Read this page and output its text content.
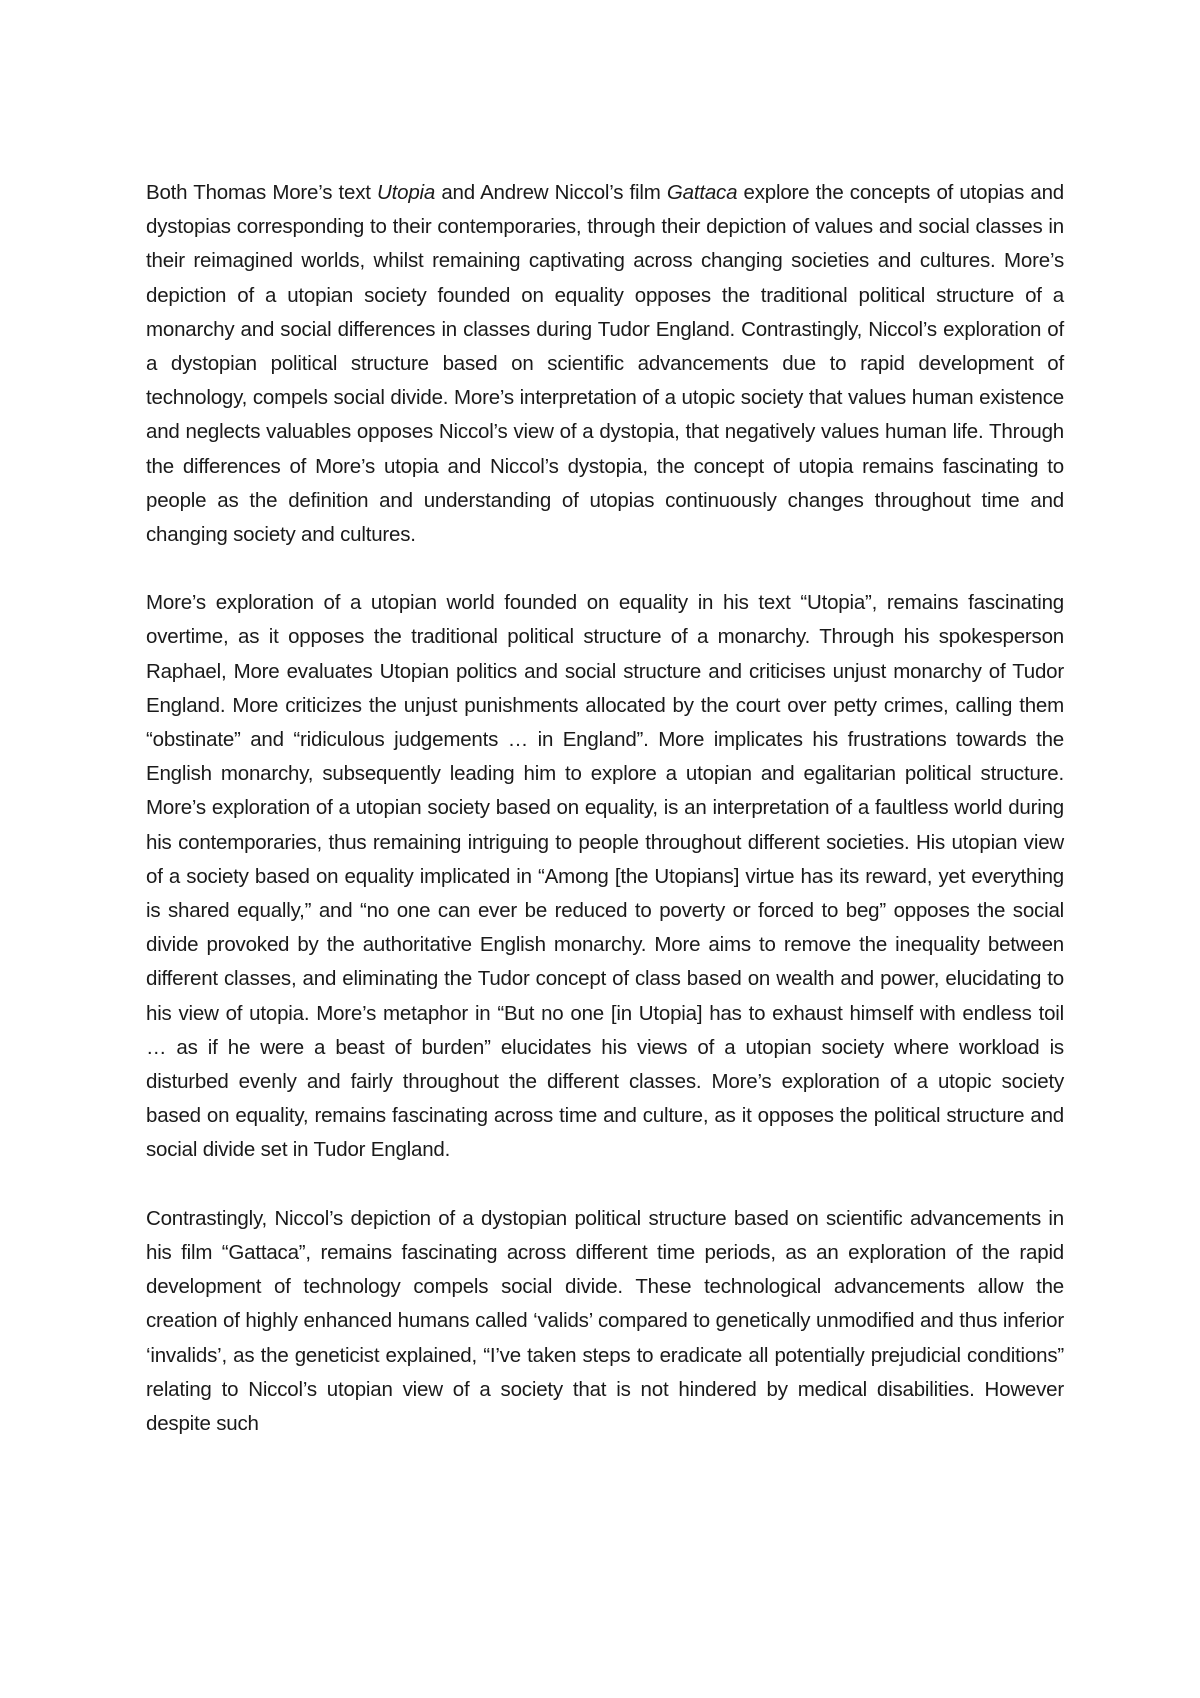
Both Thomas More’s text Utopia and Andrew Niccol’s film Gattaca explore the concepts of utopias and dystopias corresponding to their contemporaries, through their depiction of values and social classes in their reimagined worlds, whilst remaining captivating across changing societies and cultures. More’s depiction of a utopian society founded on equality opposes the traditional political structure of a monarchy and social differences in classes during Tudor England. Contrastingly, Niccol’s exploration of a dystopian political structure based on scientific advancements due to rapid development of technology, compels social divide. More’s interpretation of a utopic society that values human existence and neglects valuables opposes Niccol’s view of a dystopia, that negatively values human life. Through the differences of More’s utopia and Niccol’s dystopia, the concept of utopia remains fascinating to people as the definition and understanding of utopias continuously changes throughout time and changing society and cultures.

More’s exploration of a utopian world founded on equality in his text “Utopia”, remains fascinating overtime, as it opposes the traditional political structure of a monarchy. Through his spokesperson Raphael, More evaluates Utopian politics and social structure and criticises unjust monarchy of Tudor England. More criticizes the unjust punishments allocated by the court over petty crimes, calling them “obstinate” and “ridiculous judgements … in England”. More implicates his frustrations towards the English monarchy, subsequently leading him to explore a utopian and egalitarian political structure. More’s exploration of a utopian society based on equality, is an interpretation of a faultless world during his contemporaries, thus remaining intriguing to people throughout different societies. His utopian view of a society based on equality implicated in “Among [the Utopians] virtue has its reward, yet everything is shared equally,” and “no one can ever be reduced to poverty or forced to beg” opposes the social divide provoked by the authoritative English monarchy. More aims to remove the inequality between different classes, and eliminating the Tudor concept of class based on wealth and power, elucidating to his view of utopia. More’s metaphor in “But no one [in Utopia] has to exhaust himself with endless toil … as if he were a beast of burden” elucidates his views of a utopian society where workload is disturbed evenly and fairly throughout the different classes. More’s exploration of a utopic society based on equality, remains fascinating across time and culture, as it opposes the political structure and social divide set in Tudor England.

Contrastingly, Niccol’s depiction of a dystopian political structure based on scientific advancements in his film “Gattaca”, remains fascinating across different time periods, as an exploration of the rapid development of technology compels social divide. These technological advancements allow the creation of highly enhanced humans called ‘valids’ compared to genetically unmodified and thus inferior ‘invalids’, as the geneticist explained, “I’ve taken steps to eradicate all potentially prejudicial conditions” relating to Niccol’s utopian view of a society that is not hindered by medical disabilities. However despite such
